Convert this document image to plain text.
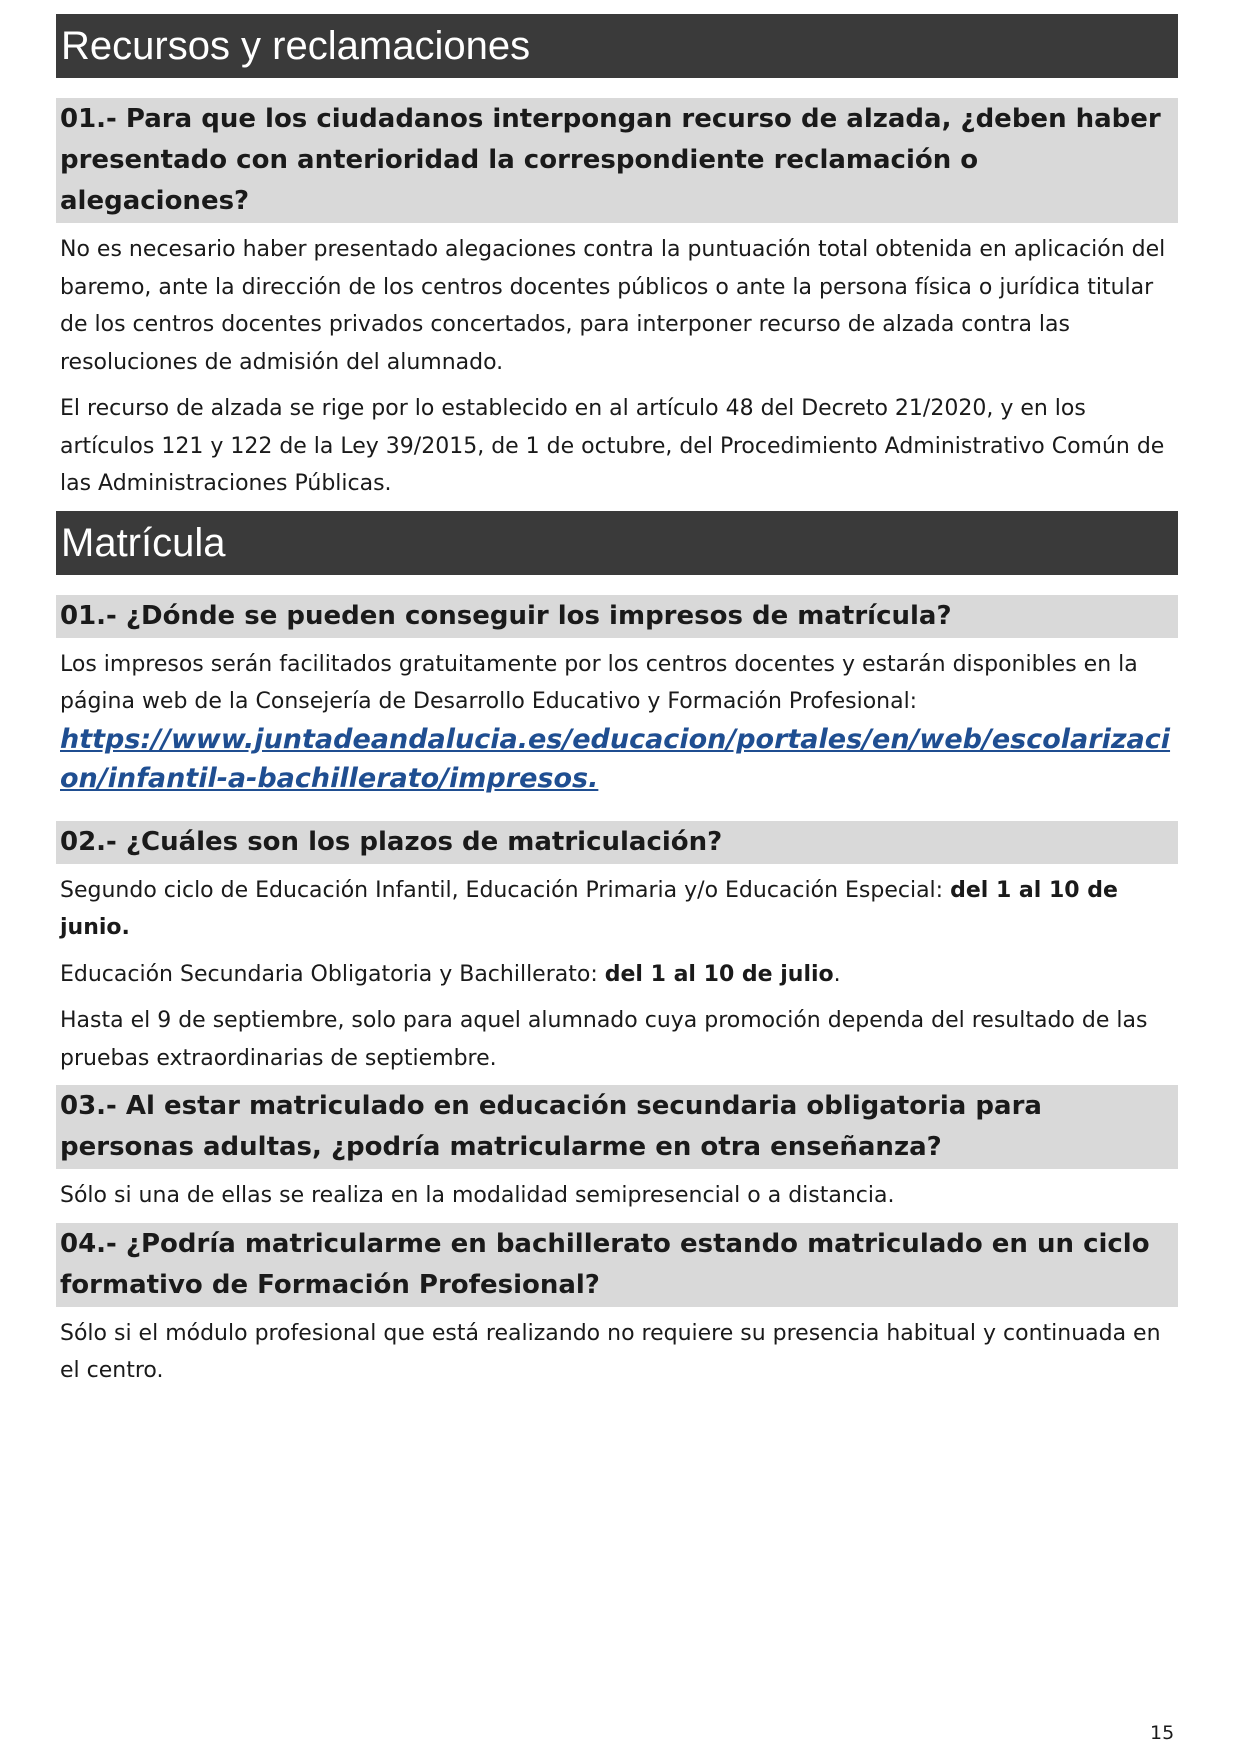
Recursos y reclamaciones
01.- Para que los ciudadanos interpongan recurso de alzada, ¿deben haber presentado con anterioridad la correspondiente reclamación o alegaciones?

No es necesario haber presentado alegaciones contra la puntuación total obtenida en aplicación del baremo, ante la dirección de los centros docentes públicos o ante la persona física o jurídica titular de los centros docentes privados concertados, para interponer recurso de alzada contra las resoluciones de admisión del alumnado.

El recurso de alzada se rige por lo establecido en al artículo 48 del Decreto 21/2020, y en los artículos 121 y 122 de la Ley 39/2015, de 1 de octubre, del Procedimiento Administrativo Común de las Administraciones Públicas.

Matrícula
01.- ¿Dónde se pueden conseguir los impresos de matrícula?

Los impresos serán facilitados gratuitamente por los centros docentes y estarán disponibles en la página web de la Consejería de Desarrollo Educativo y Formación Profesional:

https://www.juntadeandalucia.es/educacion/portales/en/web/escolarizacion/infantil-a-bachillerato/impresos.

02.- ¿Cuáles son los plazos de matriculación?

Segundo ciclo de Educación Infantil, Educación Primaria y/o Educación Especial: del 1 al 10 de junio.

Educación Secundaria Obligatoria y Bachillerato: del 1 al 10 de julio.

Hasta el 9 de septiembre, solo para aquel alumnado cuya promoción dependa del resultado de las pruebas extraordinarias de septiembre.

03.- Al estar matriculado en educación secundaria obligatoria para personas adultas, ¿podría matricularme en otra enseñanza?

Sólo si una de ellas se realiza en la modalidad semipresencial o a distancia.

04.- ¿Podría matricularme en bachillerato estando matriculado en un ciclo formativo de Formación Profesional?

Sólo si el módulo profesional que está realizando no requiere su presencia habitual y continuada en el centro.

15
